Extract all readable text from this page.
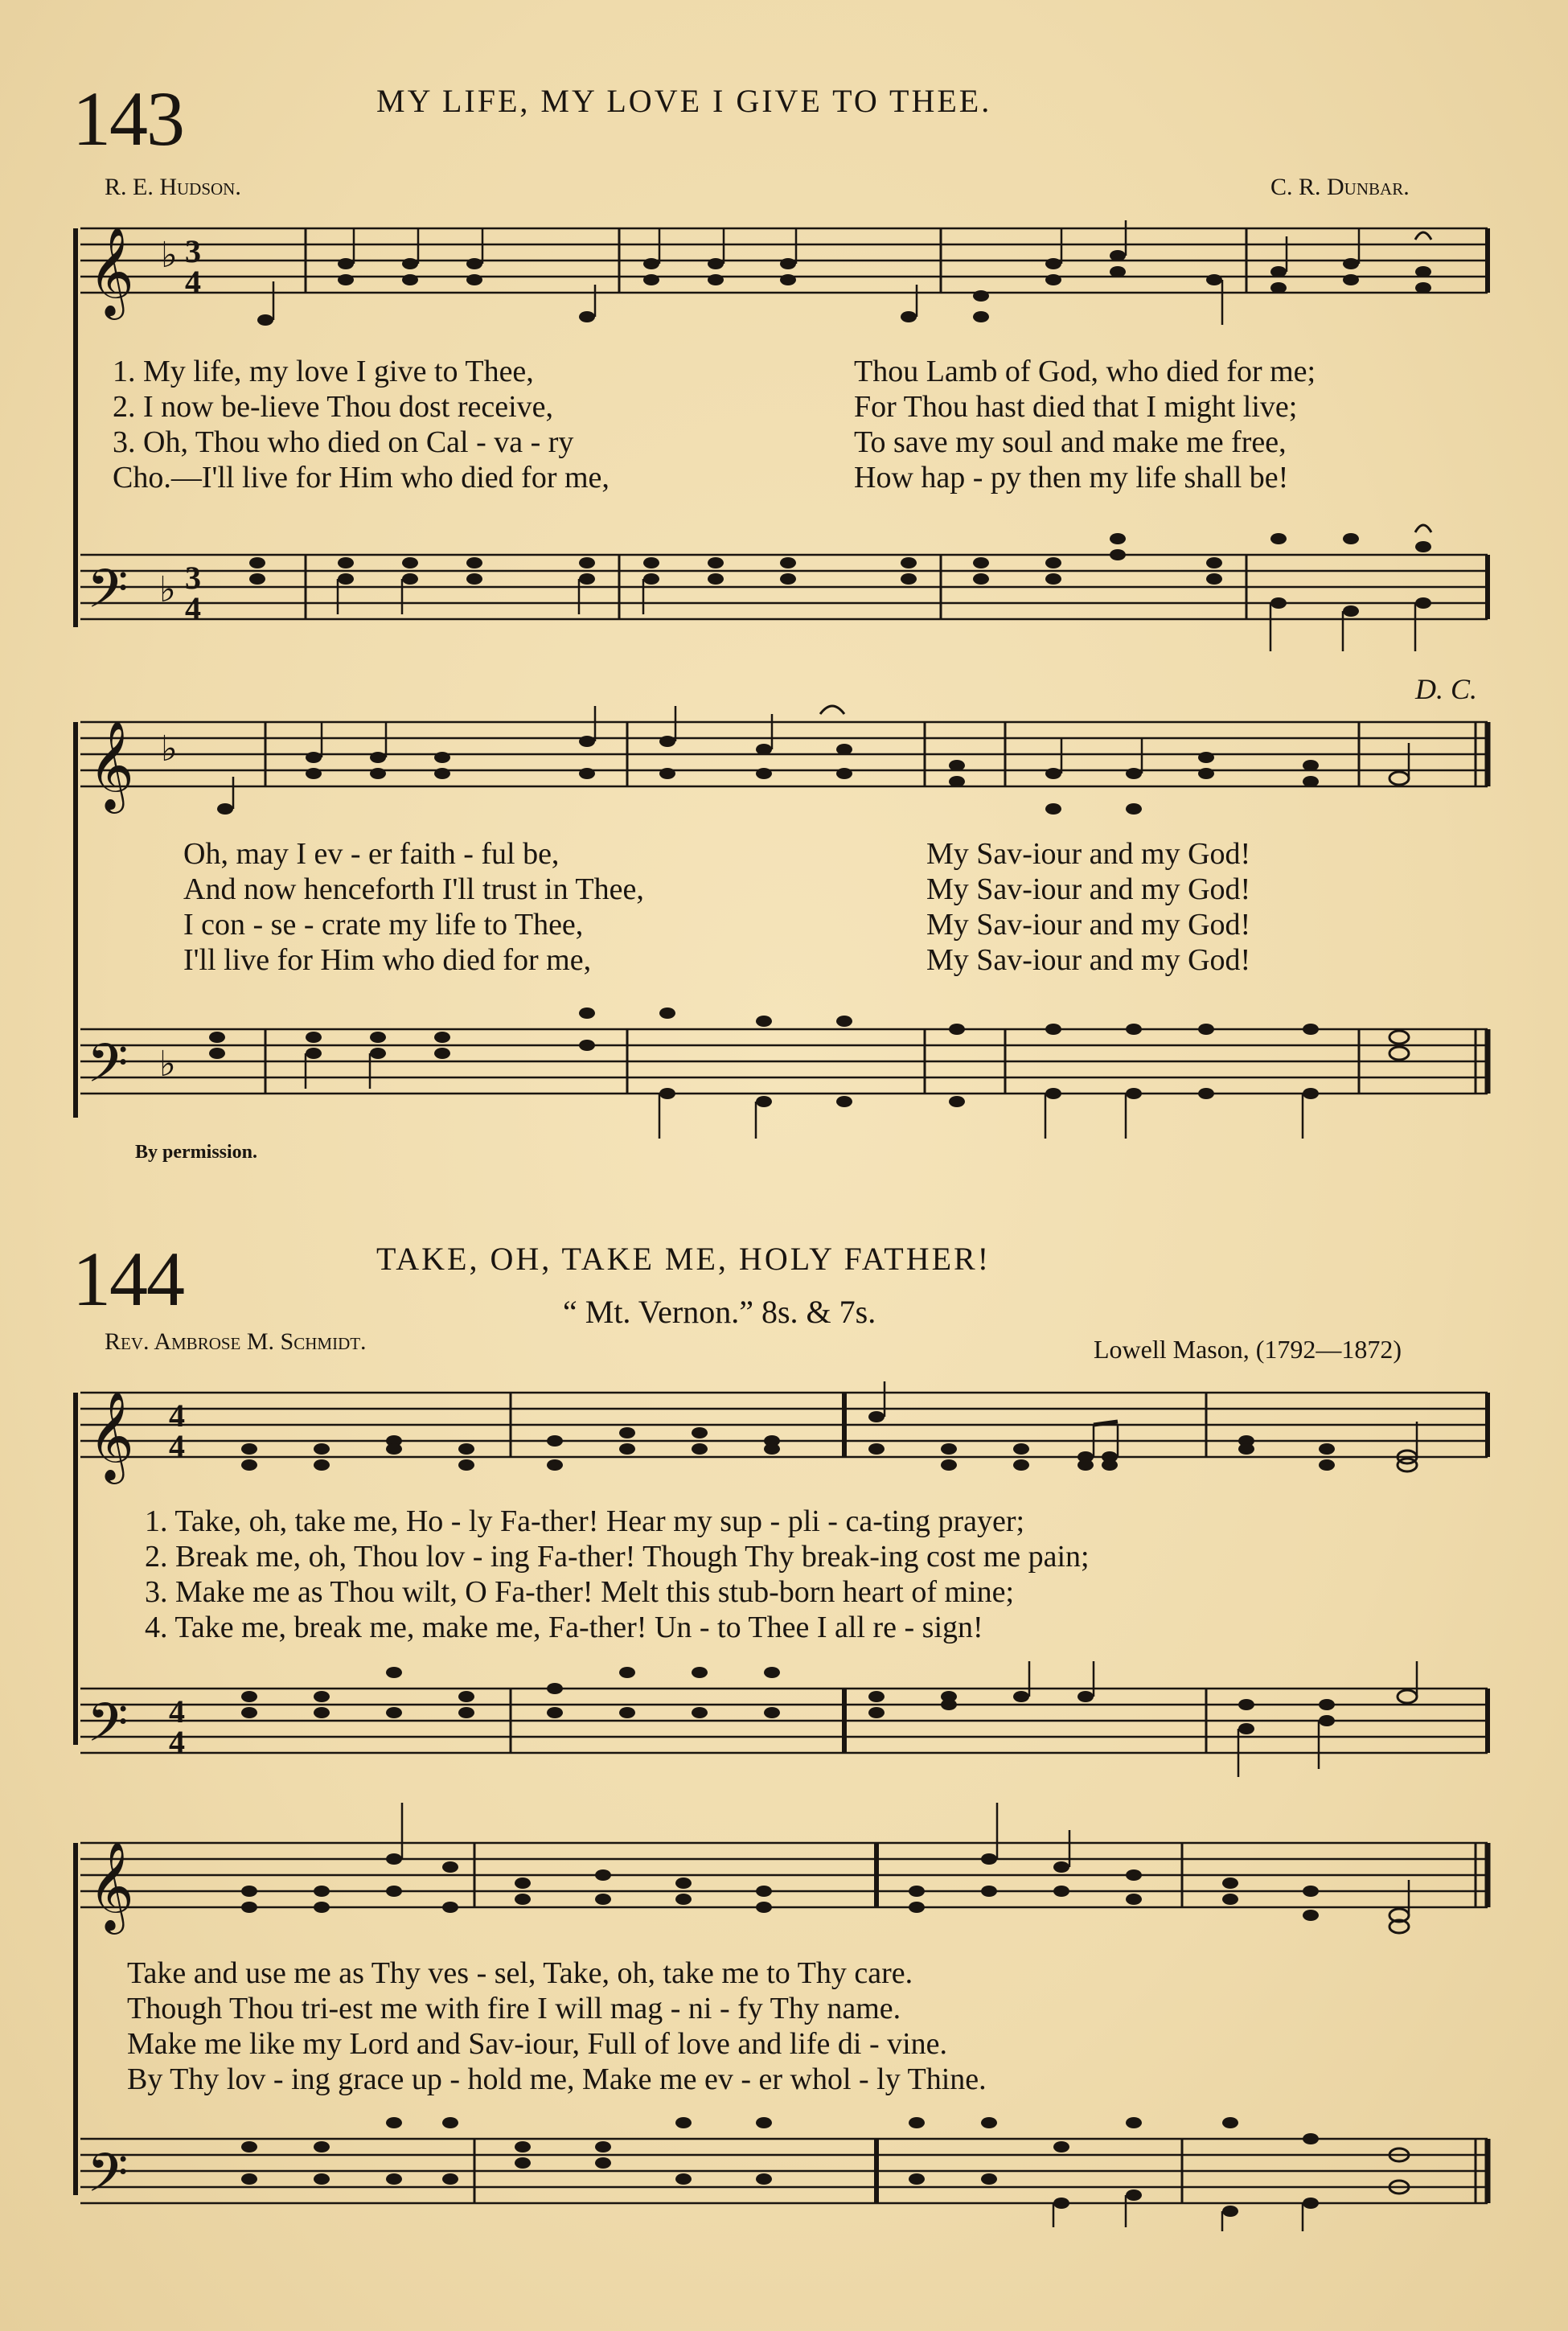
143	MY LIFE, MY LOVE I GIVE TO THEE.
R. E. Hudson.	C. R. Dunbar.
𝄞 ♭ 3
4
1. My life, my love I give to Thee,
2. I now be-lieve Thou dost receive,
3. Oh, Thou who died on Cal - va - ry
Cho.—I'll live for Him who died for me,
Thou Lamb of God, who died for me;
For Thou hast died that I might live;
To save my soul and make me free,
How hap - py then my life shall be!
𝄢 ♭ 3
4
𝄞 ♭
D. C.
Oh, may I ev - er faith - ful be,
And now henceforth I'll trust in Thee,
I con - se - crate my life to Thee,
I'll live for Him who died for me,
My Sav-iour and my God!
My Sav-iour and my God!
My Sav-iour and my God!
My Sav-iour and my God!
𝄢 ♭
By permission.
144	TAKE, OH, TAKE ME, HOLY FATHER!
“ Mt. Vernon.” 8s. & 7s.
Rev. Ambrose M. Schmidt.	Lowell Mason, (1792—1872)
𝄞 4
4
1. Take, oh, take me, Ho - ly Fa-ther! Hear my sup - pli - ca-ting prayer;
2. Break me, oh, Thou lov - ing Fa-ther! Though Thy break-ing cost me pain;
3. Make me as Thou wilt, O Fa-ther! Melt this stub-born heart of mine;
4. Take me, break me, make me, Fa-ther! Un - to Thee I all re - sign!
𝄢 4
4
𝄞
Take and use me as Thy ves - sel, Take, oh, take me to Thy care.
Though Thou tri-est me with fire I will mag - ni - fy Thy name.
Make me like my Lord and Sav-iour, Full of love and life di - vine.
By Thy lov - ing grace up - hold me, Make me ev - er whol - ly Thine.
𝄢
